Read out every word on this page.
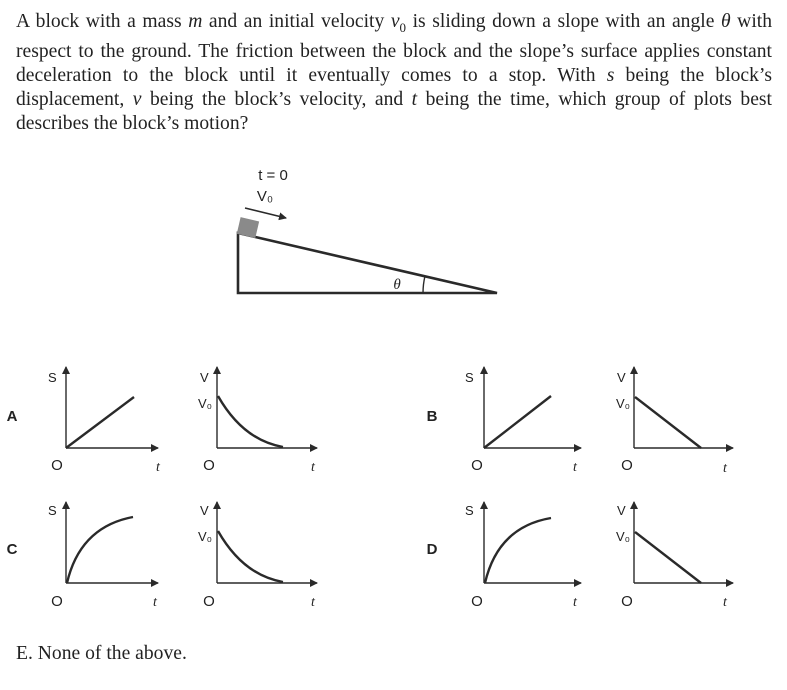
A block with a mass m and an initial velocity $v_0$ is sliding down a slope with an angle θ with respect to the ground. The friction between the block and the slope’s surface applies constant deceleration to the block until it eventually comes to a stop. With s being the block’s displacement, v being the block’s velocity, and t being the time, which group of plots best describes the block’s motion?

t = 0
V₀
θ
A
S
O	t
V
V₀
O	t
B
S
O	t
V
V₀
O	t
C
S
O	t
V
V₀
O	t
D
S
O	t
V
V₀
O	t

E. None of the above.
